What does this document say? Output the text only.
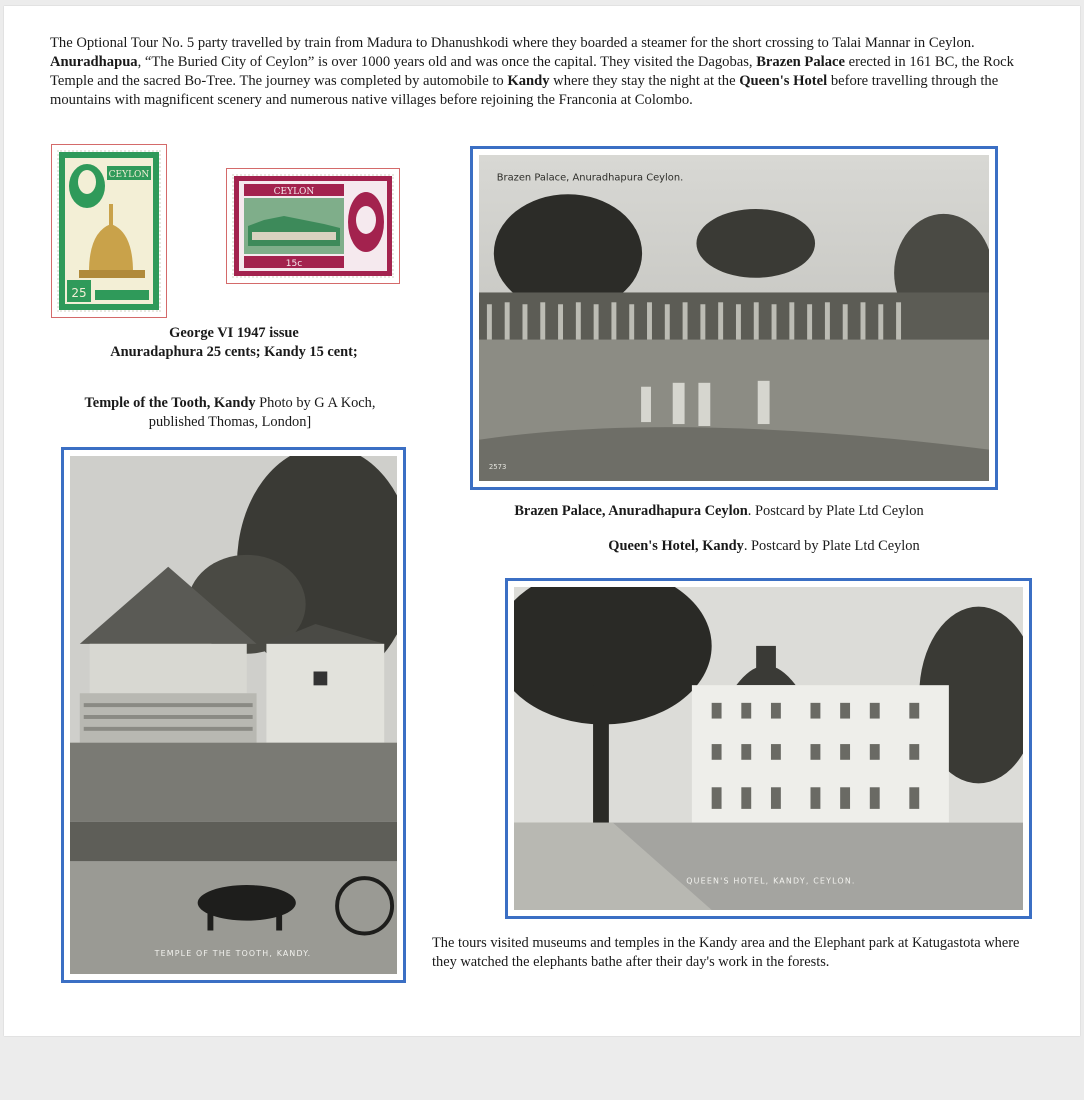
The Optional Tour No. 5 party travelled by train from Madura to Dhanushkodi where they boarded a steamer for the short crossing to Talai Mannar in Ceylon. Anuradhapua, “The Buried City of Ceylon” is over 1000 years old and was once the capital. They visited the Dagobas, Brazen Palace erected in 161 BC, the Rock Temple and the sacred Bo-Tree. The journey was completed by automobile to Kandy where they stay the night at the Queen's Hotel before travelling through the mountains with magnificent scenery and numerous native villages before rejoining the Franconia at Colombo.
CEYLON
25
CEYLON
15c
George VI 1947 issue
Anuradaphura 25 cents; Kandy 15 cent;
Temple of the Tooth, Kandy Photo by G A Koch, published Thomas, London]
Brazen Palace, Anuradhapura Ceylon.
2573
Brazen Palace, Anuradhapura Ceylon. Postcard by Plate Ltd Ceylon
Queen's Hotel, Kandy. Postcard by Plate Ltd Ceylon
TEMPLE OF THE TOOTH, KANDY.
QUEEN'S HOTEL, KANDY, CEYLON.
The tours visited museums and temples in the Kandy area and the Elephant park at Katugastota where they watched the elephants bathe after their day's work in the forests.
